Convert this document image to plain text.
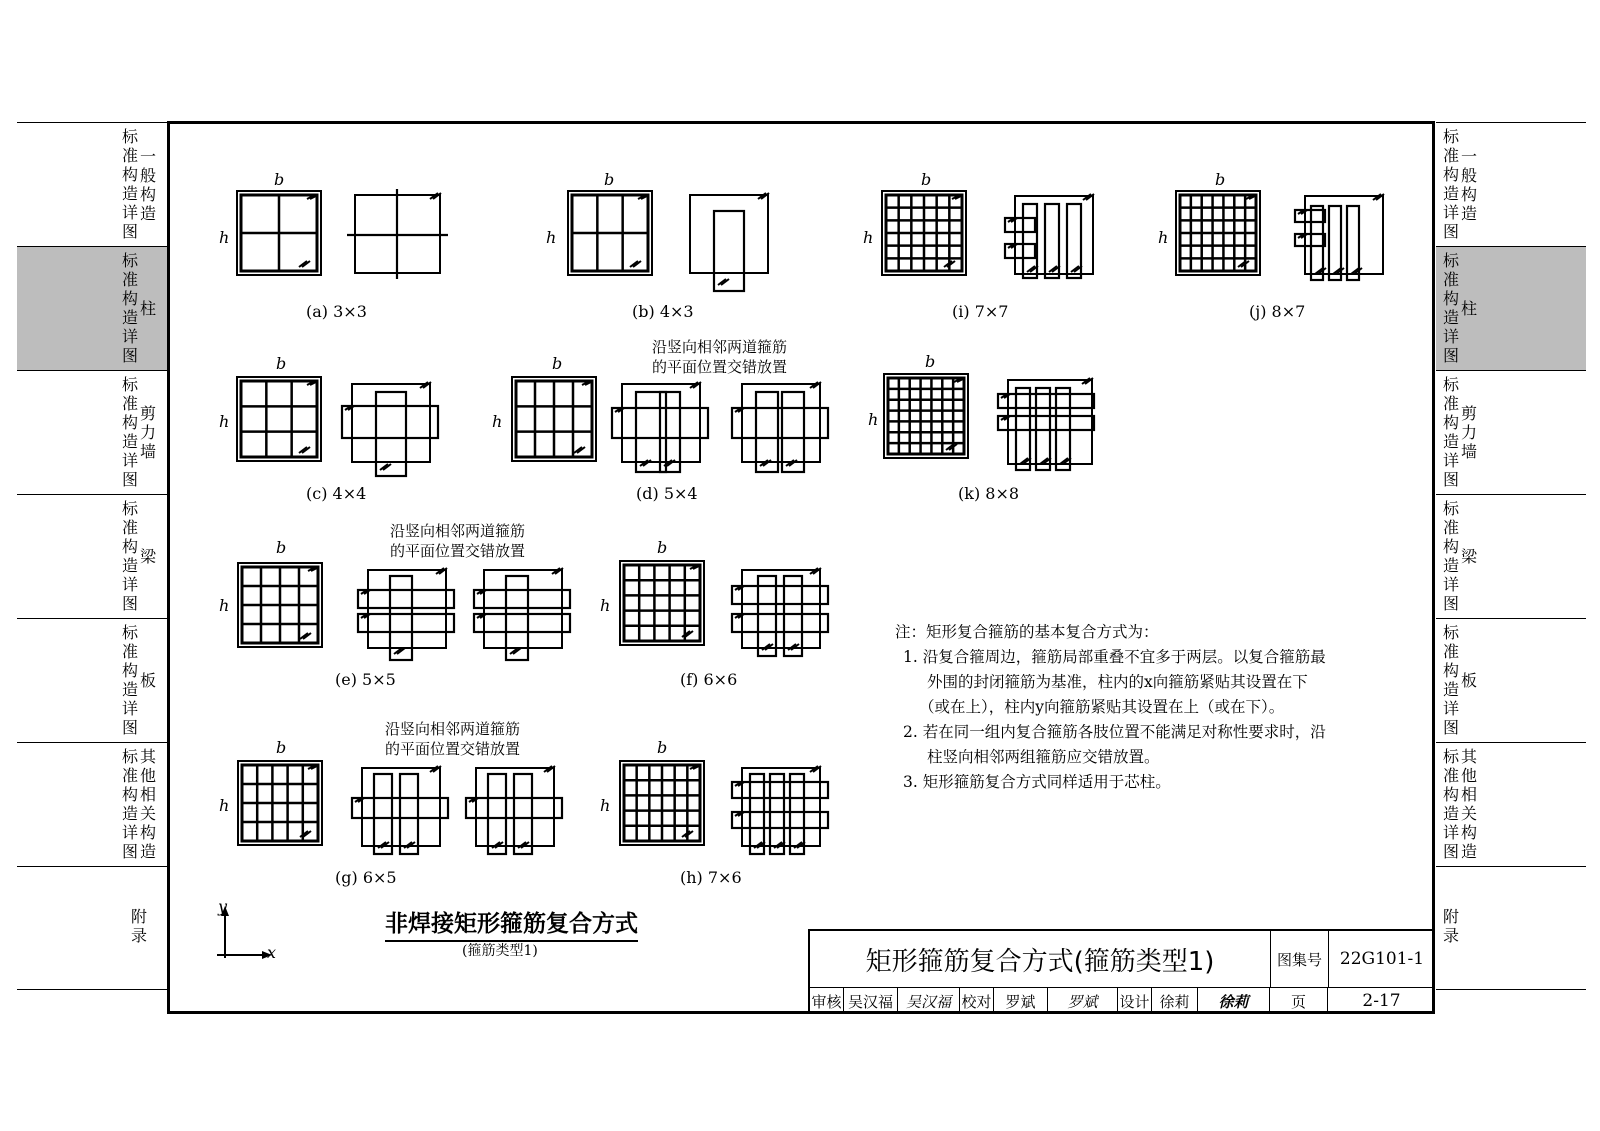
标准构造详图
一般构造
标准构造详图
柱
标准构造详图
剪力墙
标准构造详图
梁
标准构造详图
板
标准构造详图
其他相关构造
附录
标准构造详图
一般构造
标准构造详图
柱
标准构造详图
剪力墙
标准构造详图
梁
标准构造详图
板
标准构造详图
其他相关构造
附录
(a) 3×3	(b) 4×3	(i) 7×7	(j) 8×7
(c) 4×4	(d) 5×4	(k) 8×8
(e) 5×5	(f) 6×6
(g) 6×5	(h) 7×6
b
h
b
h
b
h
b
h
b
h
b
h
b
h
b
h
b
h
b
h
b
h
沿竖向相邻两道箍筋
的平面位置交错放置
沿竖向相邻两道箍筋
的平面位置交错放置
沿竖向相邻两道箍筋
的平面位置交错放置
注：矩形复合箍筋的基本复合方式为：
1. 沿复合箍周边，箍筋局部重叠不宜多于两层。以复合箍筋最
外围的封闭箍筋为基准，柱内的x向箍筋紧贴其设置在下
（或在上），柱内y向箍筋紧贴其设置在上（或在下）。
2. 若在同一组内复合箍筋各肢位置不能满足对称性要求时，沿
柱竖向相邻两组箍筋应交错放置。
3. 矩形箍筋复合方式同样适用于芯柱。
y
x
非焊接矩形箍筋复合方式
(箍筋类型1)	矩形箍筋复合方式(箍筋类型1)	图集号	22G101-1
审核 吴汉福 吴汉福 校对 罗斌	罗斌	设计 徐莉	徐莉	页	2-17
